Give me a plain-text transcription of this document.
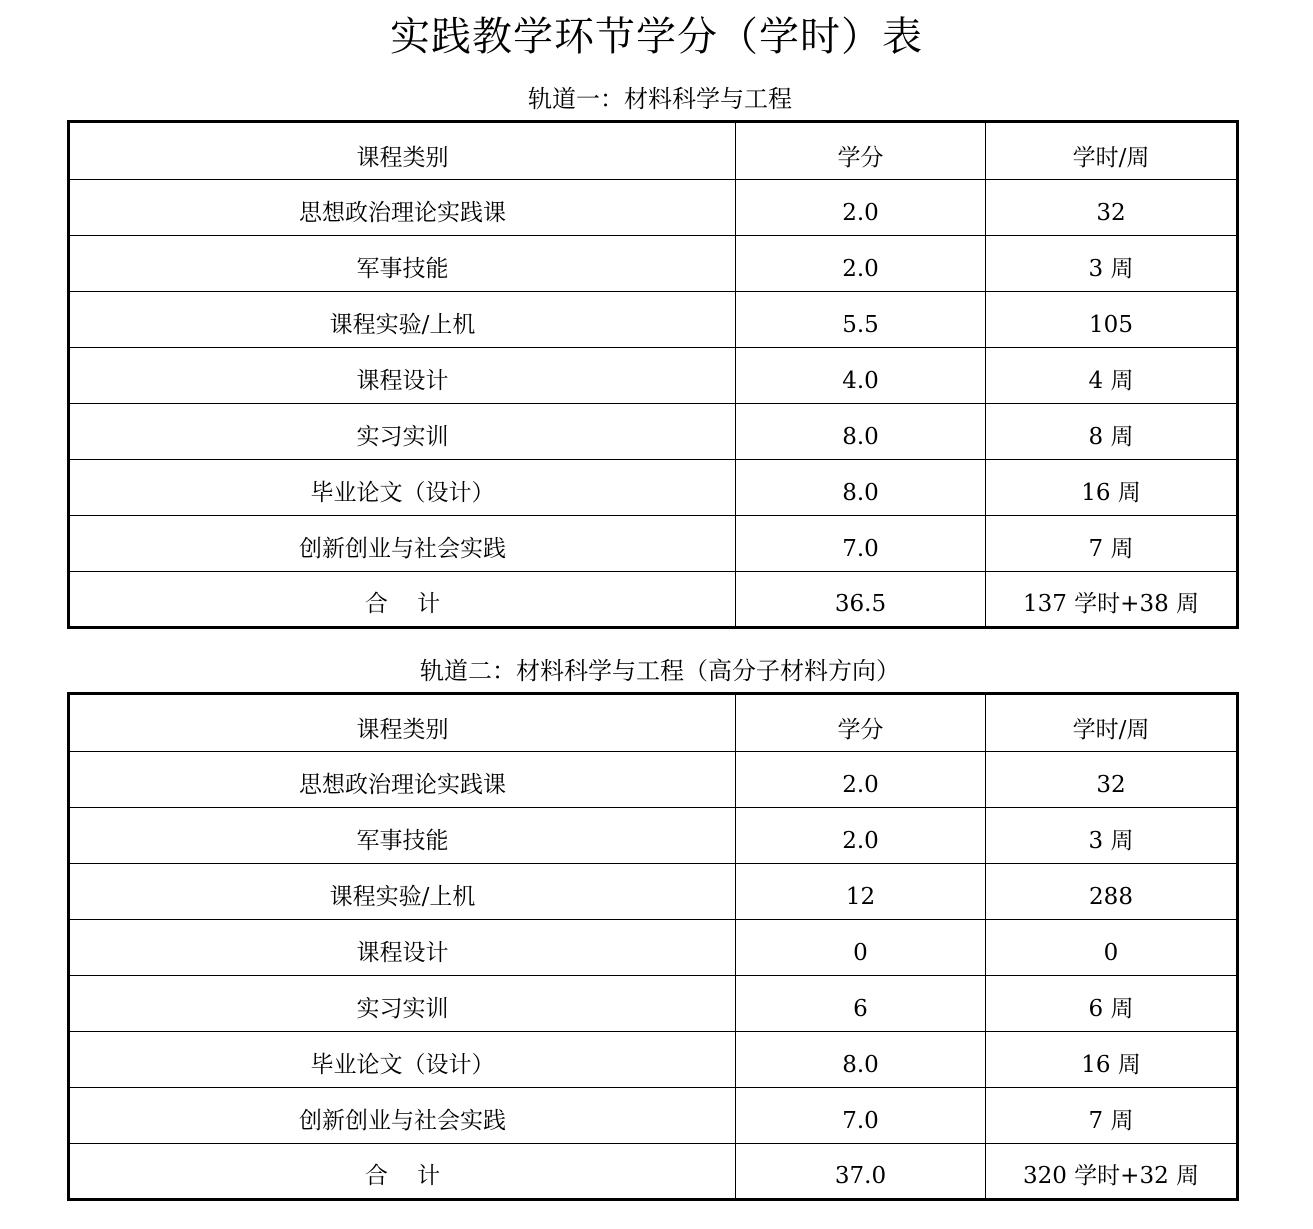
实践教学环节学分（学时）表
轨道一：材料科学与工程
课程类别	学分	学时/周
思想政治理论实践课	2.0	32
军事技能	2.0	3 周
课程实验/上机	5.5	105
课程设计	4.0	4 周
实习实训	8.0	8 周
毕业论文（设计）	8.0	16 周
创新创业与社会实践	7.0	7 周
合    计	36.5	137 学时+38 周
轨道二：材料科学与工程（高分子材料方向）
课程类别	学分	学时/周
思想政治理论实践课	2.0	32
军事技能	2.0	3 周
课程实验/上机	12	288
课程设计	0	0
实习实训	6	6 周
毕业论文（设计）	8.0	16 周
创新创业与社会实践	7.0	7 周
合    计	37.0	320 学时+32 周
